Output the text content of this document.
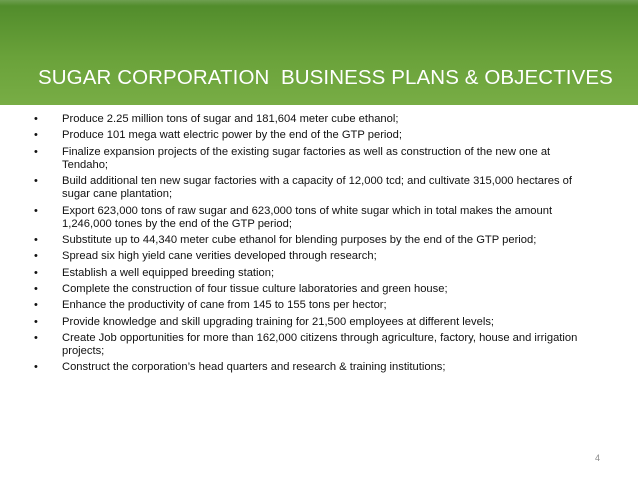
SUGAR CORPORATION  BUSINESS PLANS & OBJECTIVES
• Produce 2.25 million tons of sugar and 181,604 meter cube ethanol;
• Produce 101 mega watt electric power by the end of the GTP period;
• Finalize expansion projects of the existing sugar factories as well as construction of the new one at Tendaho;
• Build additional ten new sugar factories with a capacity of 12,000 tcd; and cultivate 315,000 hectares of sugar cane plantation;
• Export 623,000 tons of raw sugar and 623,000 tons of white sugar which in total makes the amount 1,246,000 tones by the end of the GTP period;
• Substitute up to 44,340 meter cube ethanol for blending purposes by the end of the GTP period;
• Spread six high yield cane verities developed through research;
• Establish a well equipped breeding station;
• Complete the construction of four tissue culture laboratories and green house;
• Enhance the productivity of cane from 145 to 155 tons per hector;
• Provide knowledge and skill upgrading training for 21,500 employees at different levels;
• Create Job opportunities for more than 162,000 citizens through agriculture, factory, house and irrigation projects;
• Construct the corporation’s head quarters and research & training institutions;
4
